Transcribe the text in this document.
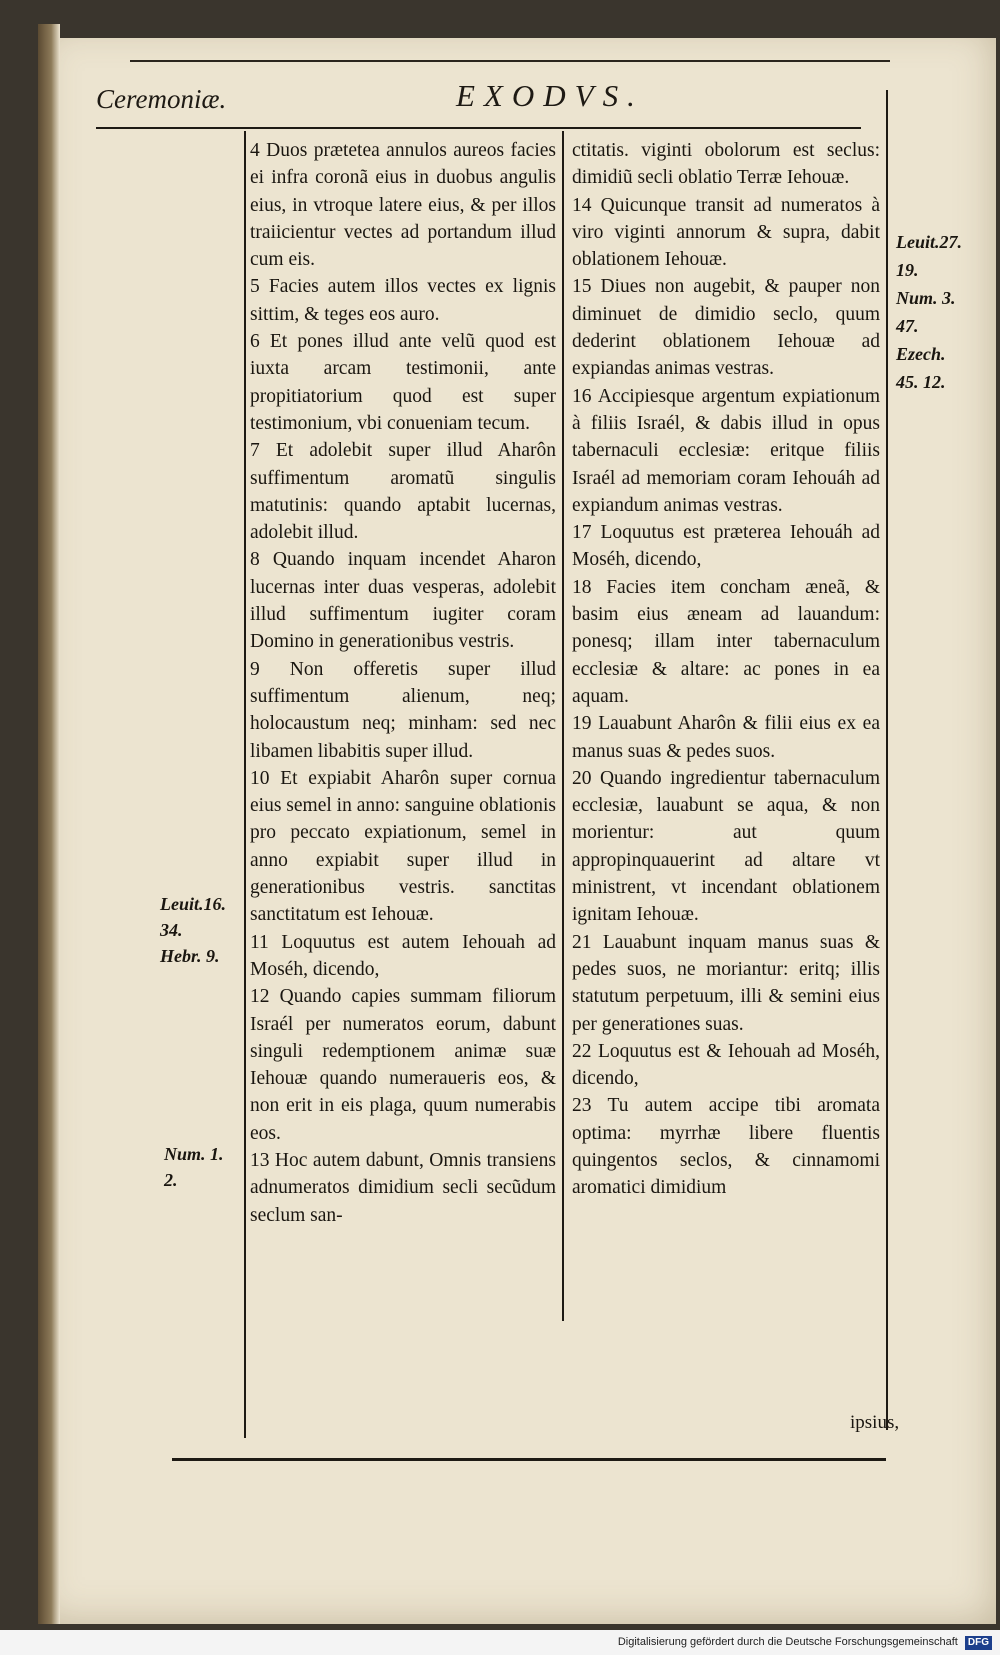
Ceremoniæ.	EXODVS.

4 Duos prætetea annulos aureos facies ei infra coronã eius in duobus angulis eius, in vtroque latere eius, & per illos traiicientur vectes ad portandum illud cum eis.

5 Facies autem illos vectes ex lignis sittim, & teges eos auro.

6 Et pones illud ante velũ quod est iuxta arcam testimonii, ante propitiatorium quod est super testimonium, vbi conueniam tecum.

7 Et adolebit super illud Aharôn suffimentum aromatũ singulis matutinis: quando aptabit lucernas, adolebit illud.

8 Quando inquam incendet Aharon lucernas inter duas vesperas, adolebit illud suffimentum iugiter coram Domino in generationibus vestris.

9 Non offeretis super illud suffimentum alienum, neq; holocaustum neq; minham: sed nec libamen libabitis super illud.

10 Et expiabit Aharôn super cornua eius semel in anno: sanguine oblationis pro peccato expiationum, semel in anno expiabit super illud in generationibus vestris. sanctitas sanctitatum est Iehouæ.

11 Loquutus est autem Iehouah ad Moséh, dicendo,

12 Quando capies summam filiorum Israél per numeratos eorum, dabunt singuli redemptionem animæ suæ Iehouæ quando numeraueris eos, & non erit in eis plaga, quum numerabis eos.

13 Hoc autem dabunt, Omnis transiens adnumeratos dimidium secli secũdum seclum san-

ctitatis. viginti obolorum est seclus: dimidiũ secli oblatio Terræ Iehouæ.

14 Quicunque transit ad numeratos à viro viginti annorum & supra, dabit oblationem Iehouæ.

15 Diues non augebit, & pauper non diminuet de dimidio seclo, quum dederint oblationem Iehouæ ad expiandas animas vestras.

16 Accipiesque argentum expiationum à filiis Israél, & dabis illud in opus tabernaculi ecclesiæ: eritque filiis Israél ad memoriam coram Iehouáh ad expiandum animas vestras.

17 Loquutus est præterea Iehouáh ad Moséh, dicendo,

18 Facies item concham æneã, & basim eius æneam ad lauandum: ponesq; illam inter tabernaculum ecclesiæ & altare: ac pones in ea aquam.

19 Lauabunt Aharôn & filii eius ex ea manus suas & pedes suos.

20 Quando ingredientur tabernaculum ecclesiæ, lauabunt se aqua, & non morientur: aut quum appropinquauerint ad altare vt ministrent, vt incendant oblationem ignitam Iehouæ.

21 Lauabunt inquam manus suas & pedes suos, ne moriantur: eritq; illis statutum perpetuum, illi & semini eius per generationes suas.

22 Loquutus est & Iehouah ad Moséh, dicendo,

23 Tu autem accipe tibi aromata optima: myrrhæ libere fluentis quingentos seclos, & cinnamomi aromatici dimidium

Leuit.16.
34.
Hebr. 9.
Num. 1.
2.
Leuit.27.
19.
Num. 3.
47.
Ezech.
45. 12.
ipsius,
Digitalisierung gefördert durch die Deutsche Forschungsgemeinschaft DFG
